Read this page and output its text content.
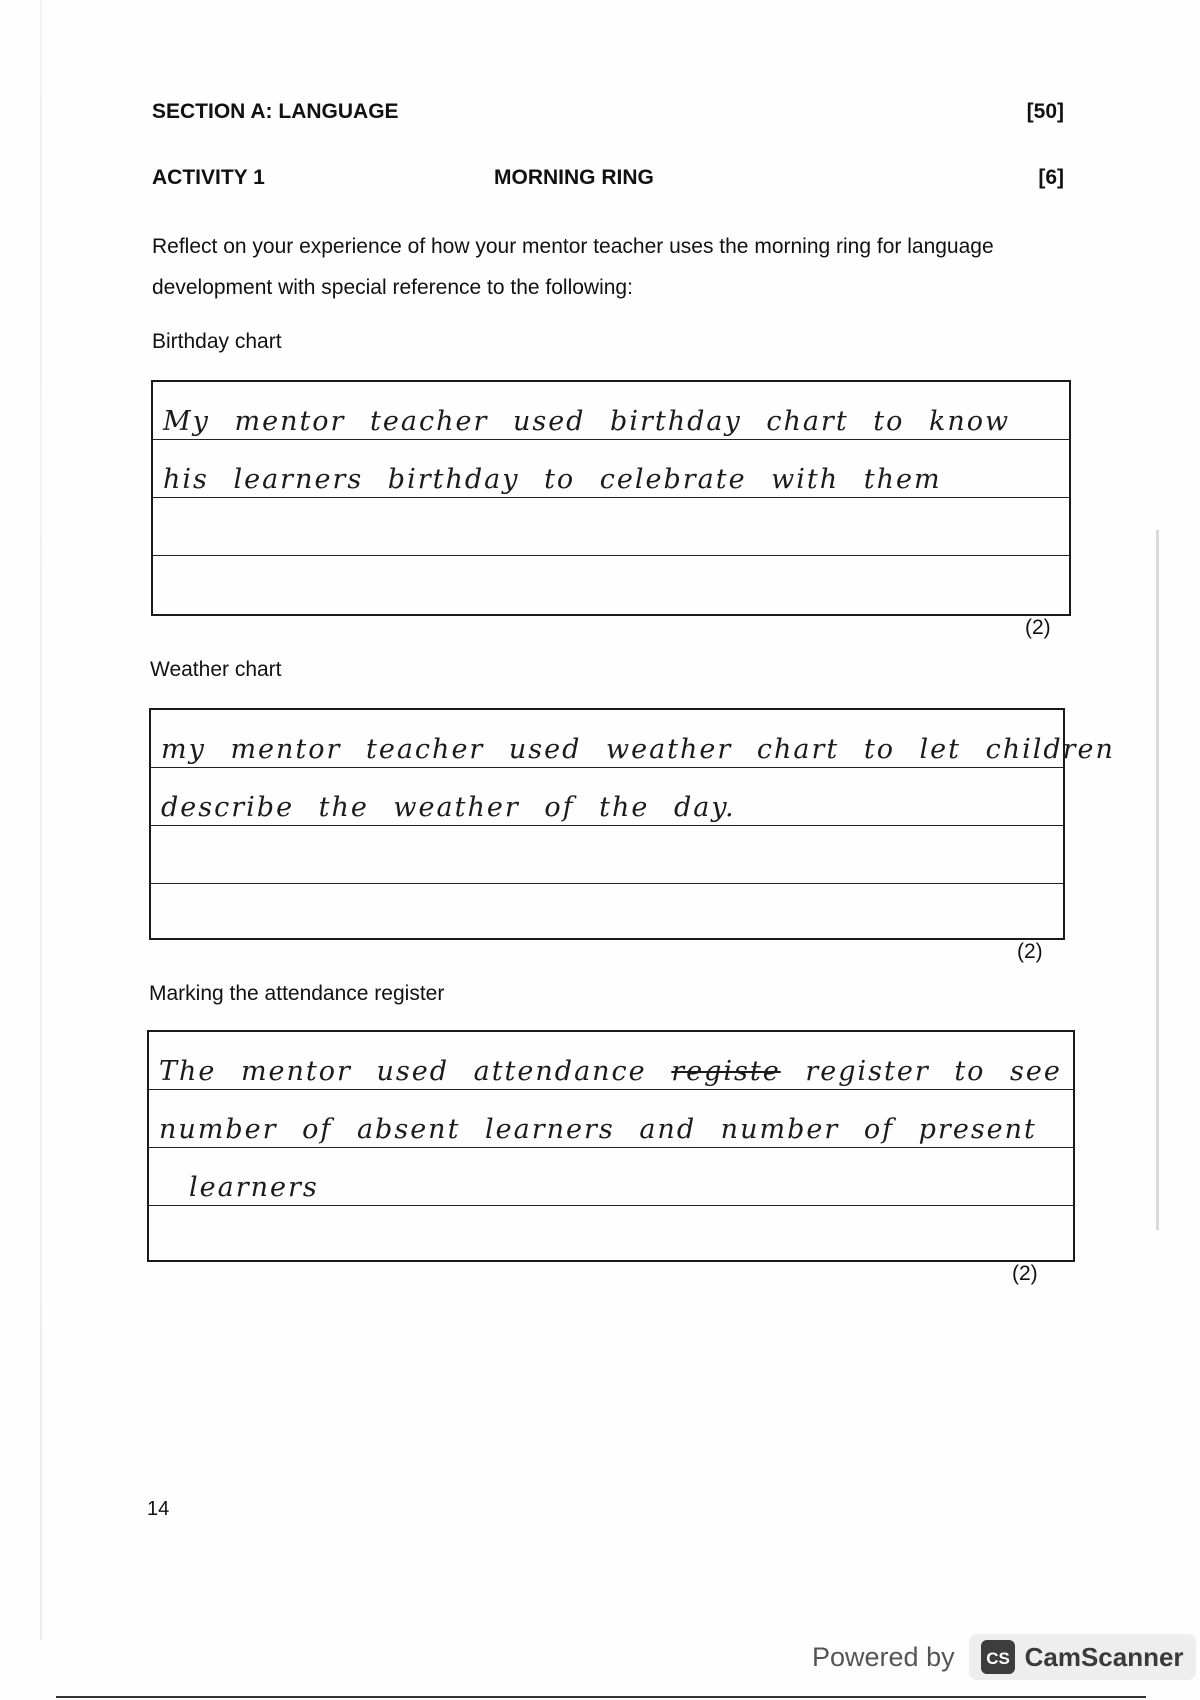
SECTION A: LANGUAGE	[50]
ACTIVITY 1	MORNING RING	[6]
Reflect on your experience of how your mentor teacher uses the morning ring for language development with special reference to the following:
Birthday chart
My mentor teacher used birthday chart to know
his learners birthday to celebrate with them
(2)
Weather chart
my mentor teacher used weather chart to let children
describe the weather of the day.
(2)
Marking the attendance register
The mentor used attendance registe register to see
number of absent learners and number of present
learners
(2)
14
Powered by CS CamScanner
